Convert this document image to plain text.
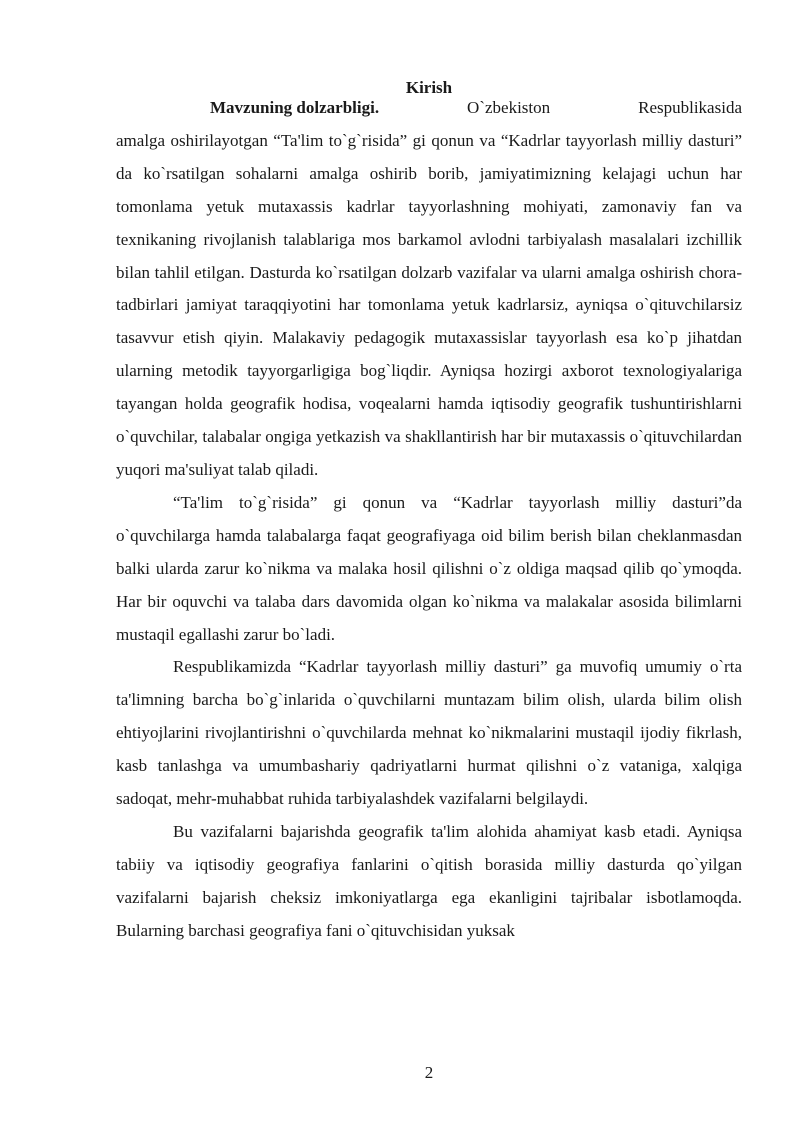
Kirish
Mavzuning dolzarbligi.	O`zbekiston	Respublikasida

amalga oshirilayotgan “Ta'lim to`g`risida” gi qonun va “Kadrlar tayyorlash milliy dasturi” da ko`rsatilgan sohalarni amalga oshirib borib, jamiyatimizning kelajagi uchun har tomonlama yetuk mutaxassis kadrlar tayyorlashning mohiyati, zamonaviy fan va texnikaning rivojlanish talablariga mos barkamol avlodni tarbiyalash masalalari izchillik bilan tahlil etilgan. Dasturda ko`rsatilgan dolzarb vazifalar va ularni amalga oshirish chora-tadbirlari jamiyat taraqqiyotini har tomonlama yetuk kadrlarsiz, ayniqsa o`qituvchilarsiz tasavvur etish qiyin. Malakaviy pedagogik mutaxassislar tayyorlash esa ko`p jihatdan ularning metodik tayyorgarligiga bog`liqdir. Ayniqsa hozirgi axborot texnologiyalariga tayangan holda geografik hodisa, voqealarni hamda iqtisodiy geografik tushuntirishlarni o`quvchilar, talabalar ongiga yetkazish va shakllantirish har bir mutaxassis o`qituvchilardan yuqori ma'suliyat talab qiladi.

“Ta'lim to`g`risida” gi qonun va “Kadrlar tayyorlash milliy dasturi”da o`quvchilarga hamda talabalarga faqat geografiyaga oid bilim berish bilan cheklanmasdan balki ularda zarur ko`nikma va malaka hosil qilishni o`z oldiga maqsad qilib qo`ymoqda. Har bir oquvchi va talaba dars davomida olgan ko`nikma va malakalar asosida bilimlarni mustaqil egallashi zarur bo`ladi.

Respublikamizda “Kadrlar tayyorlash milliy dasturi” ga muvofiq umumiy o`rta ta'limning barcha bo`g`inlarida o`quvchilarni muntazam bilim olish, ularda bilim olish ehtiyojlarini rivojlantirishni o`quvchilarda mehnat ko`nikmalarini mustaqil ijodiy fikrlash, kasb tanlashga va umumbashariy qadriyatlarni hurmat qilishni o`z vataniga, xalqiga sadoqat, mehr-muhabbat ruhida tarbiyalashdek vazifalarni belgilaydi.

Bu vazifalarni bajarishda geografik ta'lim alohida ahamiyat kasb etadi. Ayniqsa tabiiy va iqtisodiy geografiya fanlarini o`qitish borasida milliy dasturda qo`yilgan vazifalarni bajarish cheksiz imkoniyatlarga ega ekanligini tajribalar isbotlamoqda. Bularning barchasi geografiya fani o`qituvchisidan yuksak

2
